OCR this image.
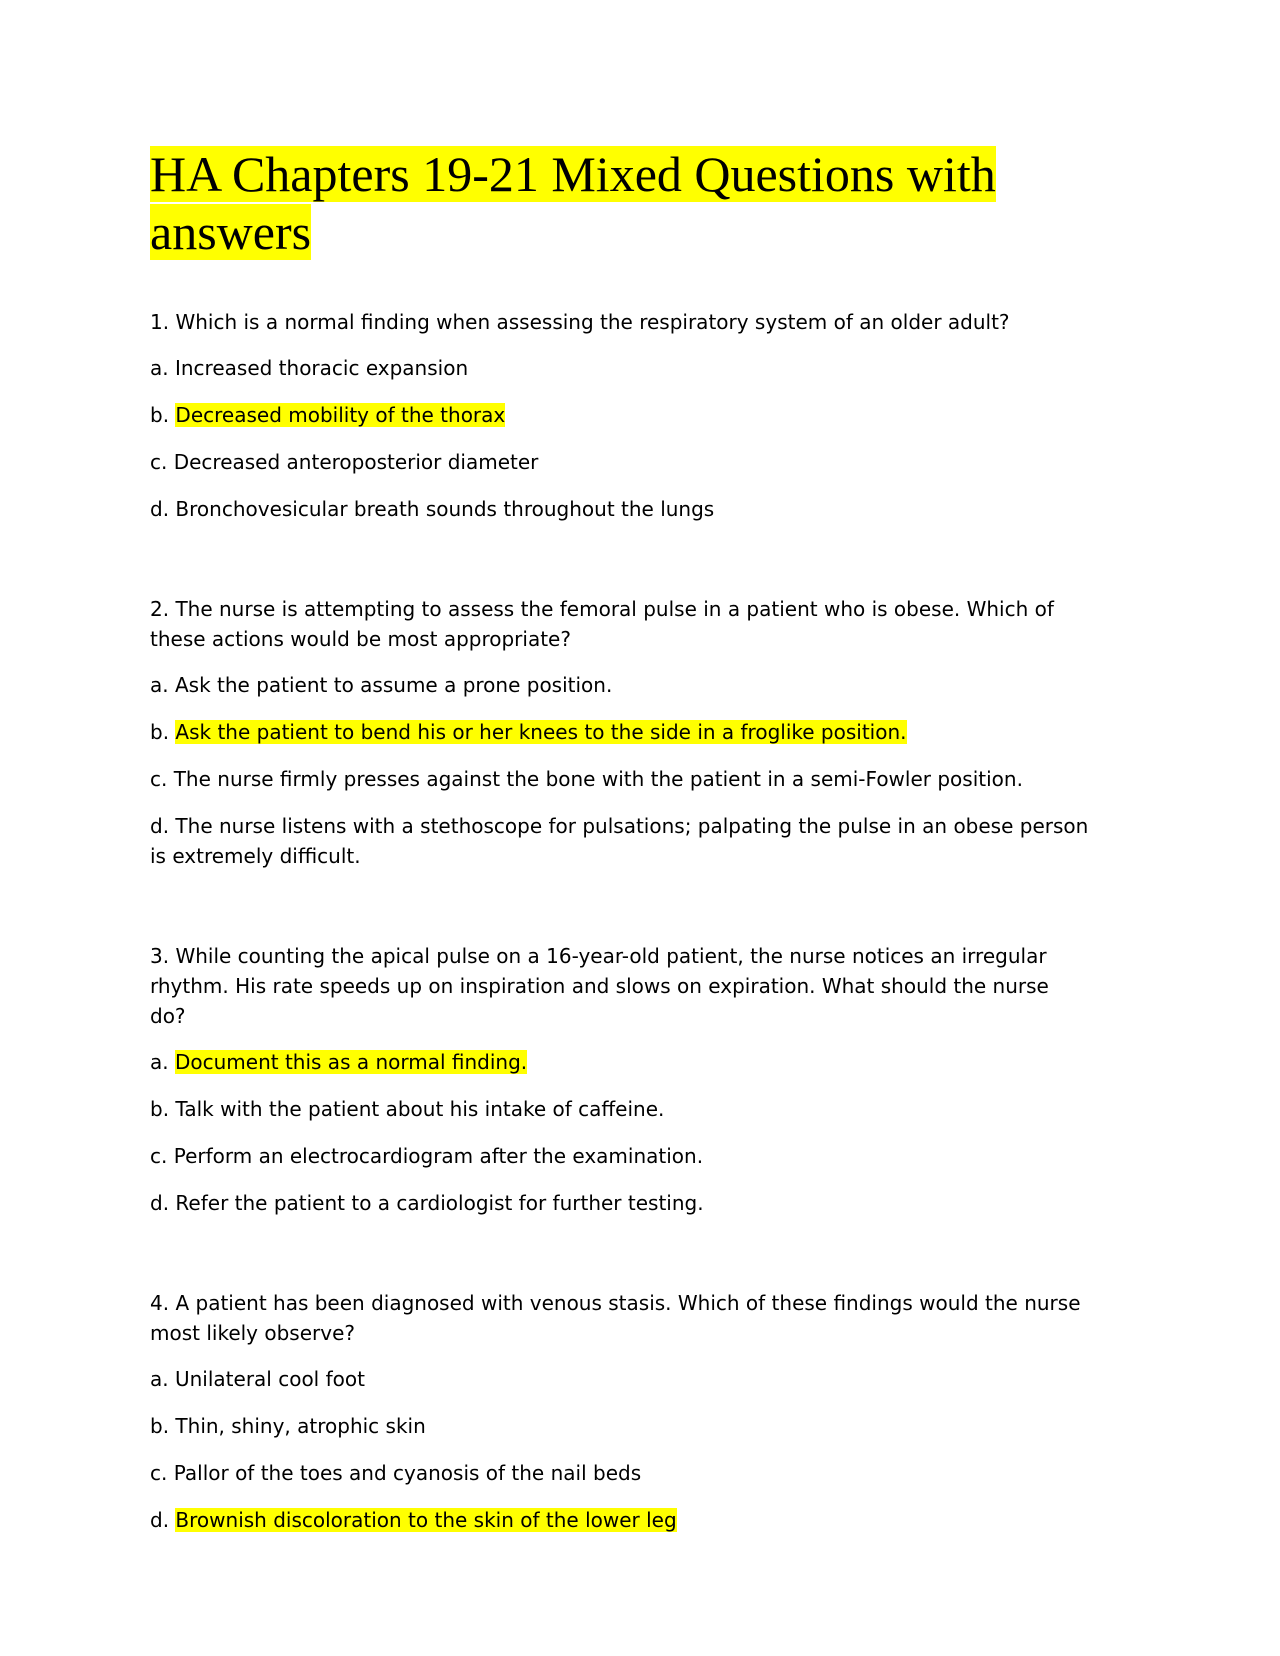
HA Chapters 19-21 Mixed Questions with answers

1. Which is a normal finding when assessing the respiratory system of an older adult?

a. Increased thoracic expansion

b. Decreased mobility of the thorax

c. Decreased anteroposterior diameter

d. Bronchovesicular breath sounds throughout the lungs

2. The nurse is attempting to assess the femoral pulse in a patient who is obese. Which of these actions would be most appropriate?

a. Ask the patient to assume a prone position.

b. Ask the patient to bend his or her knees to the side in a froglike position.

c. The nurse firmly presses against the bone with the patient in a semi-Fowler position.

d. The nurse listens with a stethoscope for pulsations; palpating the pulse in an obese person is extremely difficult.

3. While counting the apical pulse on a 16-year-old patient, the nurse notices an irregular rhythm. His rate speeds up on inspiration and slows on expiration. What should the nurse do?

a. Document this as a normal finding.

b. Talk with the patient about his intake of caffeine.

c. Perform an electrocardiogram after the examination.

d. Refer the patient to a cardiologist for further testing.

4. A patient has been diagnosed with venous stasis. Which of these findings would the nurse most likely observe?

a. Unilateral cool foot

b. Thin, shiny, atrophic skin

c. Pallor of the toes and cyanosis of the nail beds

d. Brownish discoloration to the skin of the lower leg
